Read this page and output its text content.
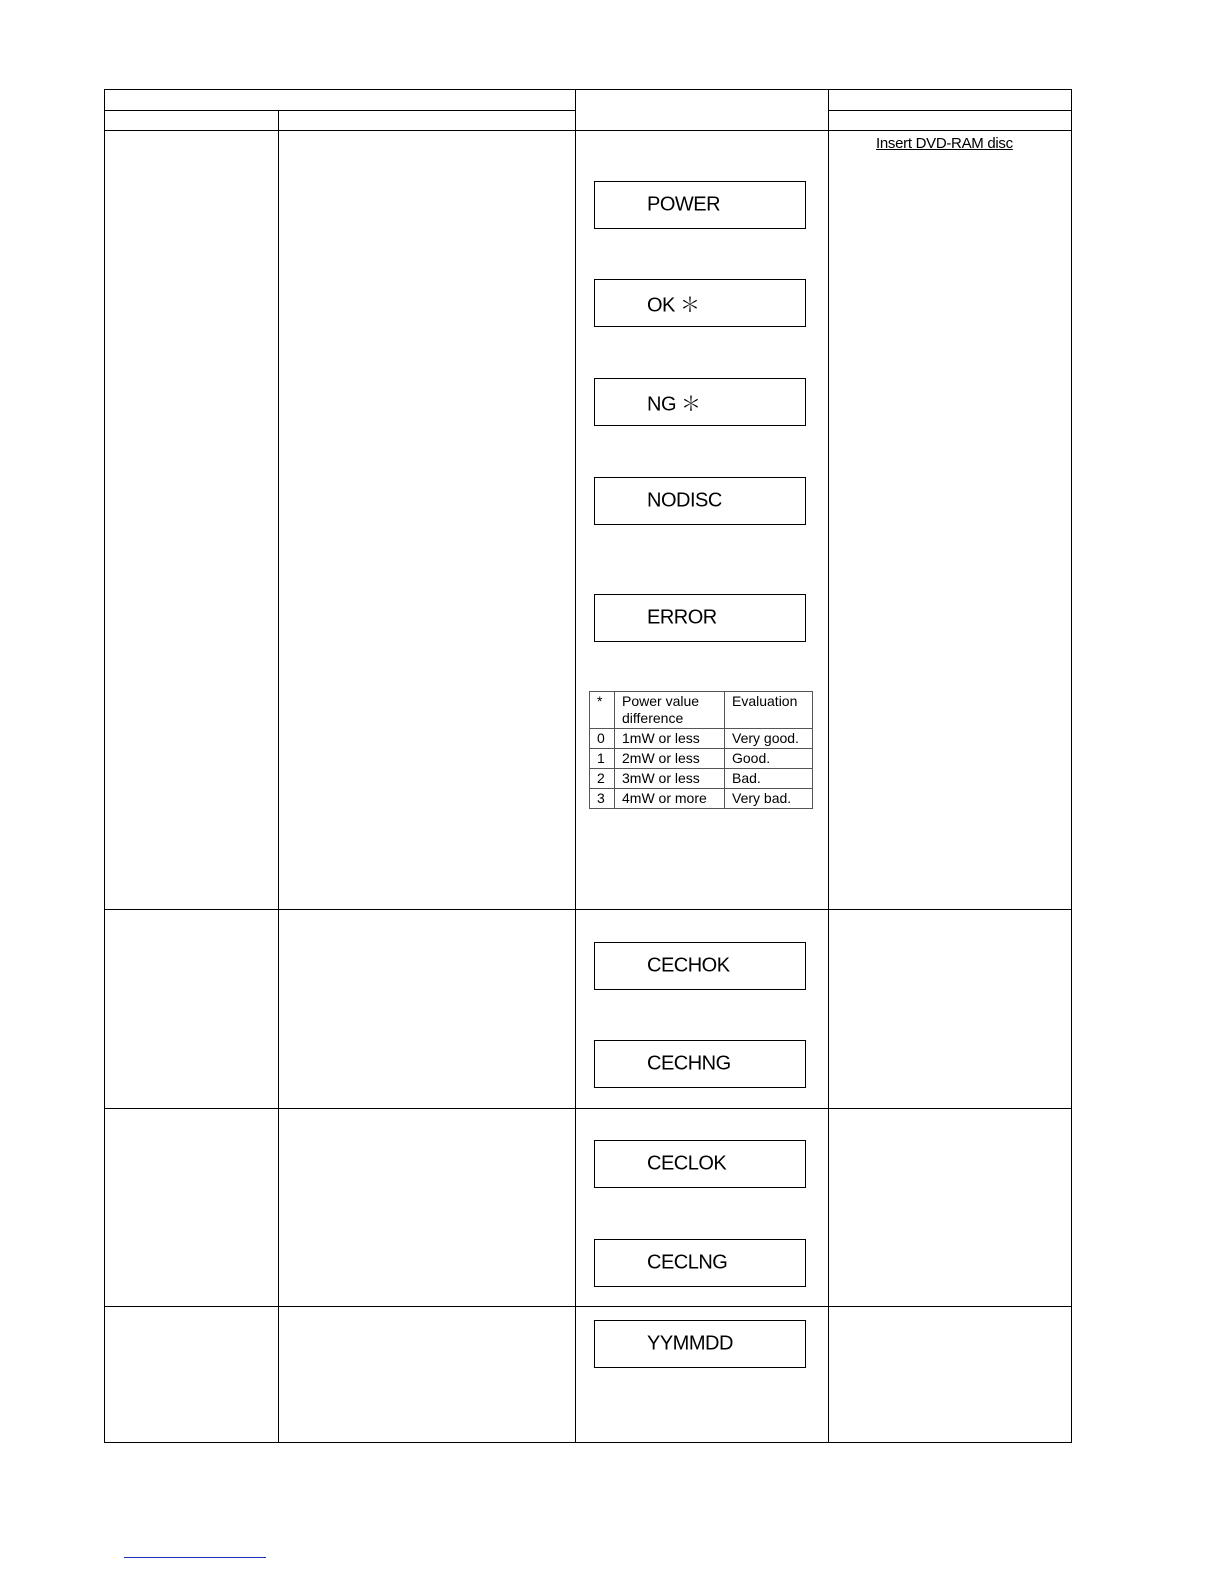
Insert DVD-RAM disc
POWER
OK ＊
NG ＊
NODISC
ERROR
*	Power value difference	Evaluation
0	1mW or less	Very good.
1	2mW or less	Good.
2	3mW or less	Bad.
3	4mW or more	Very bad.
CECHOK
CECHNG
CECLOK
CECLNG
YYMMDD
